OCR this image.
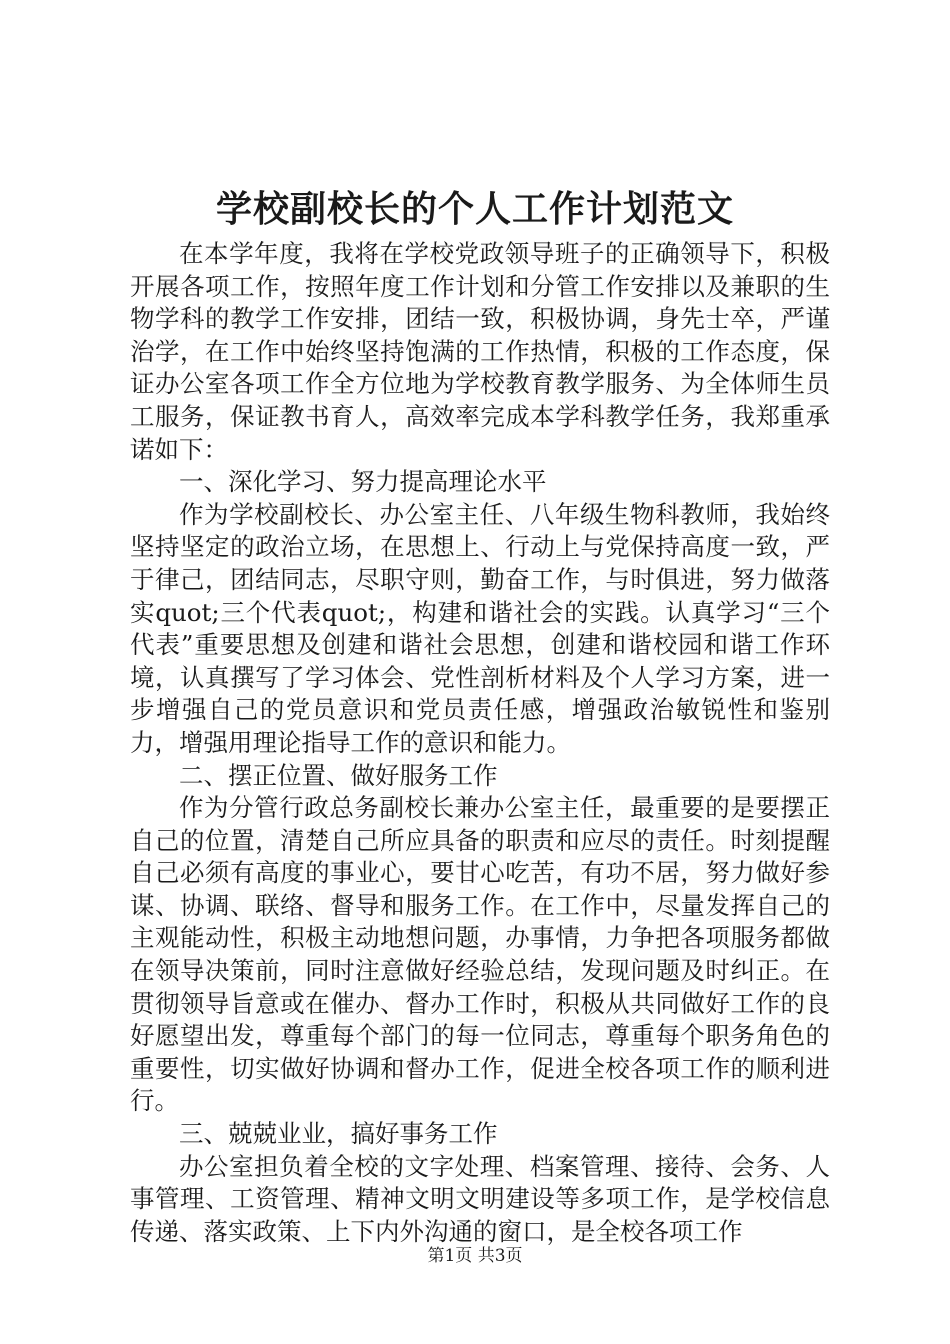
学校副校长的个人工作计划范文

在本学年度，我将在学校党政领导班子的正确领导下，积极开展各项工作，按照年度工作计划和分管工作安排以及兼职的生物学科的教学工作安排，团结一致，积极协调，身先士卒，严谨治学，在工作中始终坚持饱满的工作热情，积极的工作态度，保证办公室各项工作全方位地为学校教育教学服务、为全体师生员工服务，保证教书育人，高效率完成本学科教学任务，我郑重承诺如下：

一、深化学习、努力提高理论水平

作为学校副校长、办公室主任、八年级生物科教师，我始终坚持坚定的政治立场，在思想上、行动上与党保持高度一致，严于律己，团结同志，尽职守则，勤奋工作，与时俱进，努力做落实quot;三个代表quot;，构建和谐社会的实践。认真学习“三个代表”重要思想及创建和谐社会思想，创建和谐校园和谐工作环境，认真撰写了学习体会、党性剖析材料及个人学习方案，进一步增强自己的党员意识和党员责任感，增强政治敏锐性和鉴别力，增强用理论指导工作的意识和能力。

二、摆正位置、做好服务工作

作为分管行政总务副校长兼办公室主任，最重要的是要摆正自己的位置，清楚自己所应具备的职责和应尽的责任。时刻提醒自己必须有高度的事业心，要甘心吃苦，有功不居，努力做好参谋、协调、联络、督导和服务工作。在工作中，尽量发挥自己的主观能动性，积极主动地想问题，办事情，力争把各项服务都做在领导决策前，同时注意做好经验总结，发现问题及时纠正。在贯彻领导旨意或在催办、督办工作时，积极从共同做好工作的良好愿望出发，尊重每个部门的每一位同志，尊重每个职务角色的重要性，切实做好协调和督办工作，促进全校各项工作的顺利进行。

三、兢兢业业，搞好事务工作

办公室担负着全校的文字处理、档案管理、接待、会务、人事管理、工资管理、精神文明文明建设等多项工作，是学校信息传递、落实政策、上下内外沟通的窗口，是全校各项工作

第1页 共3页
